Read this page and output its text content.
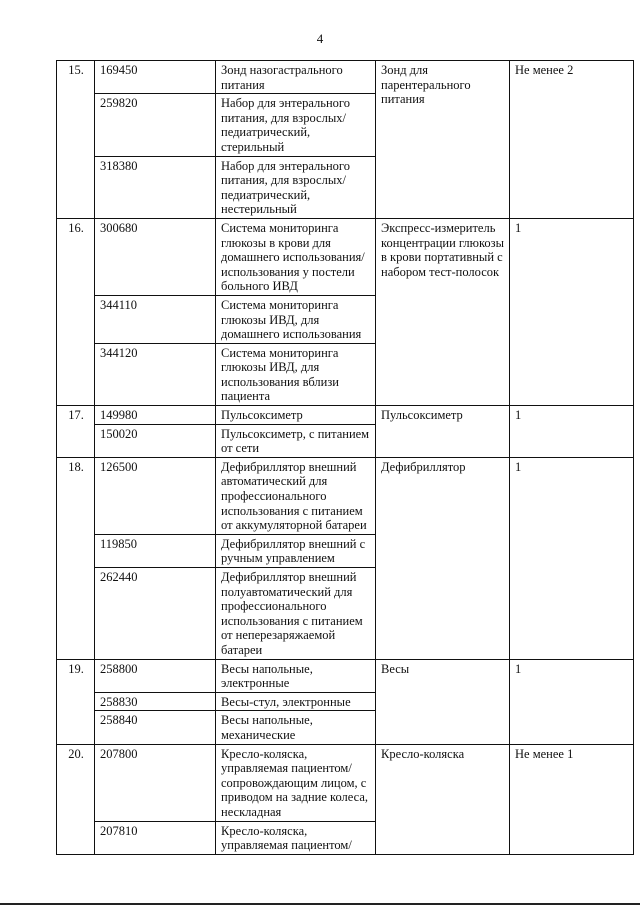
4
15.	169450	Зонд назогастрального питания	Зонд для парентерального питания	Не менее 2
	259820	Набор для энтерального питания, для взрослых/педиатрический, стерильный		
	318380	Набор для энтерального питания, для взрослых/педиатрический, нестерильный		
16.	300680	Система мониторинга глюкозы в крови для домашнего использования/ использования у постели больного ИВД	Экспресс-измеритель концентрации глюкозы в крови портативный с набором тест-полосок	1
	344110	Система мониторинга глюкозы ИВД, для домашнего использования		
	344120	Система мониторинга глюкозы ИВД, для использования вблизи пациента		
17.	149980	Пульсоксиметр	Пульсоксиметр	1
	150020	Пульсоксиметр, с питанием от сети		
18.	126500	Дефибриллятор внешний автоматический для профессионального использования с питанием от аккумуляторной батареи	Дефибриллятор	1
	119850	Дефибриллятор внешний с ручным управлением		
	262440	Дефибриллятор внешний полуавтоматический для профессионального использования с питанием от неперезаряжаемой батареи		
19.	258800	Весы напольные, электронные	Весы	1
	258830	Весы-стул, электронные		
	258840	Весы напольные, механические		
20.	207800	Кресло-коляска, управляемая пациентом/ сопровождающим лицом, с приводом на задние колеса, нескладная	Кресло-коляска	Не менее 1
	207810	Кресло-коляска, управляемая пациентом/		
